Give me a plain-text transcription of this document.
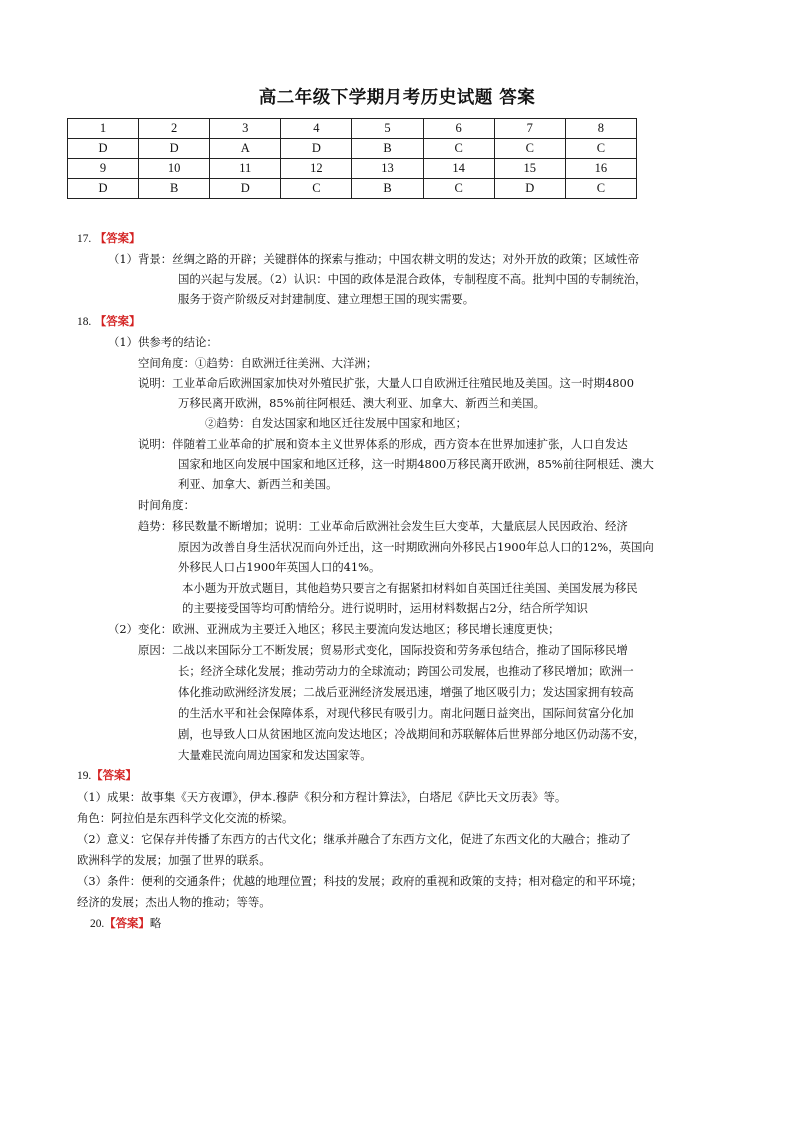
高二年级下学期月考历史试题 答案
1	2	3	4	5	6	7	8
D	D	A	D	B	C	C	C
9	10	11	12	13	14	15	16
D	B	D	C	B	C	D	C
17. 【答案】
（1）背景：丝绸之路的开辟；关键群体的探索与推动；中国农耕文明的发达；对外开放的政策；区域性帝
国的兴起与发展。（2）认识：中国的政体是混合政体，专制程度不高。批判中国的专制统治，
服务于资产阶级反对封建制度、建立理想王国的现实需要。
18. 【答案】
（1）供参考的结论：
空间角度：①趋势：自欧洲迁往美洲、大洋洲；
说明：工业革命后欧洲国家加快对外殖民扩张，大量人口自欧洲迁往殖民地及美国。这一时期4800
万移民离开欧洲，85%前往阿根廷、澳大利亚、加拿大、新西兰和美国。
②趋势：自发达国家和地区迁往发展中国家和地区；
说明：伴随着工业革命的扩展和资本主义世界体系的形成，西方资本在世界加速扩张，人口自发达
国家和地区向发展中国家和地区迁移，这一时期4800万移民离开欧洲，85%前往阿根廷、澳大
利亚、加拿大、新西兰和美国。
时间角度：
趋势：移民数量不断增加；说明：工业革命后欧洲社会发生巨大变革，大量底层人民因政治、经济
原因为改善自身生活状况而向外迁出，这一时期欧洲向外移民占1900年总人口的12%，英国向
外移民人口占1900年英国人口的41%。
本小题为开放式题目，其他趋势只要言之有据紧扣材料如自英国迁往美国、美国发展为移民
的主要接受国等均可酌情给分。进行说明时，运用材料数据占2分，结合所学知识
（2）变化：欧洲、亚洲成为主要迁入地区；移民主要流向发达地区；移民增长速度更快；
原因：二战以来国际分工不断发展；贸易形式变化，国际投资和劳务承包结合，推动了国际移民增
长；经济全球化发展；推动劳动力的全球流动；跨国公司发展，也推动了移民增加；欧洲一
体化推动欧洲经济发展；二战后亚洲经济发展迅速，增强了地区吸引力；发达国家拥有较高
的生活水平和社会保障体系，对现代移民有吸引力。南北问题日益突出，国际间贫富分化加
剧，也导致人口从贫困地区流向发达地区；冷战期间和苏联解体后世界部分地区仍动荡不安，
大量难民流向周边国家和发达国家等。
19.【答案】
（1）成果：故事集《天方夜谭》，伊本.穆萨《积分和方程计算法》，白塔尼《萨比天文历表》等。
角色：阿拉伯是东西科学文化交流的桥梁。
（2）意义：它保存并传播了东西方的古代文化；继承并融合了东西方文化，促进了东西文化的大融合；推动了
欧洲科学的发展；加强了世界的联系。
（3）条件：便利的交通条件；优越的地理位置；科技的发展；政府的重视和政策的支持；相对稳定的和平环境；
经济的发展；杰出人物的推动；等等。
20.【答案】略
